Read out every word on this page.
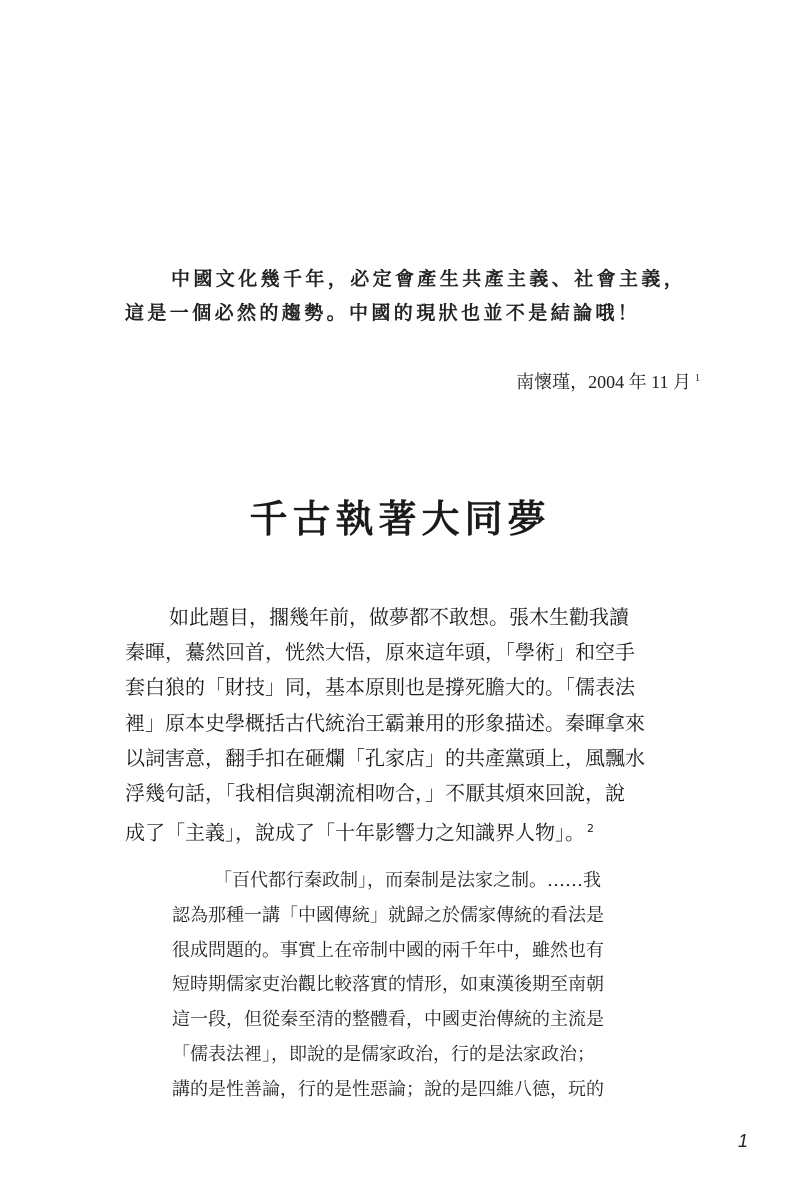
中國文化幾千年，必定會產生共產主義、社會主義，
這是一個必然的趨勢。中國的現狀也並不是結論哦！
南懷瑾，2004 年 11 月 $^1$
千古執著大同夢
如此題目，擱幾年前，做夢都不敢想。張木生勸我讀
秦暉，驀然回首，恍然大悟，原來這年頭，「學術」和空手
套白狼的「財技」同，基本原則也是撐死膽大的。「儒表法
裡」原本史學概括古代統治王霸兼用的形象描述。秦暉拿來
以詞害意，翻手扣在砸爛「孔家店」的共產黨頭上，風飄水
浮幾句話，「我相信與潮流相吻合，」不厭其煩來回說，說
成了「主義」，說成了「十年影響力之知識界人物」。 $^2$
「百代都行秦政制」，而秦制是法家之制。……我
認為那種一講「中國傳統」就歸之於儒家傳統的看法是
很成問題的。事實上在帝制中國的兩千年中，雖然也有
短時期儒家吏治觀比較落實的情形，如東漢後期至南朝
這一段，但從秦至清的整體看，中國吏治傳統的主流是
「儒表法裡」，即說的是儒家政治，行的是法家政治；
講的是性善論，行的是性惡論；說的是四維八德，玩的
1
